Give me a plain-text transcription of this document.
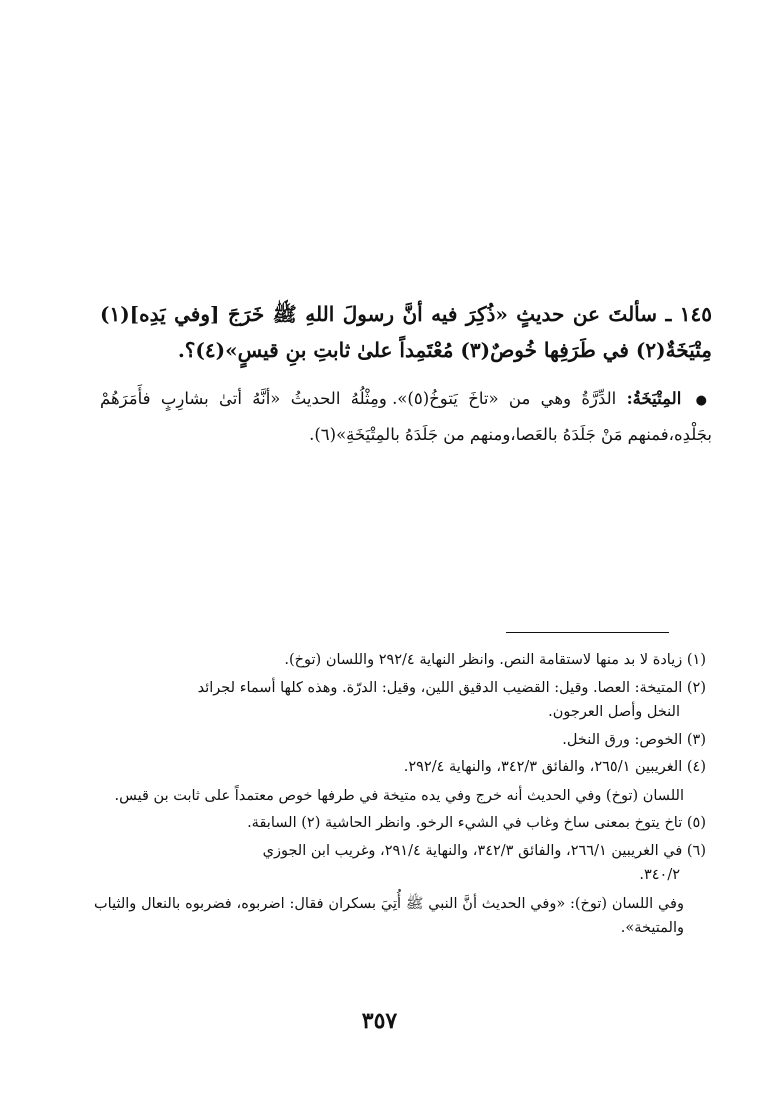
١٤٥ ـ سألتَ عن حديثٍ «ذُكِرَ فيه أنَّ رسولَ اللهِ ﷺ خَرَجَ [وفي يَدِه](١) مِتْيَخَةٌ(٢) في طَرَفِها خُوصٌ(٣) مُعْتَمِداً علىٰ ثابتِ بنِ قيسٍ»(٤)؟.
● المِتْيَخَةُ: الدِّرَّةُ وهي من «تاخَ يَتوخُ(٥)». ومِثْلُهُ الحديثُ «أنَّهُ أتىٰ بشارِبٍ فأَمَرَهُمْ بجَلْدِه،فمنهم مَنْ جَلَدَهُ بالعَصا،ومنهم من جَلَدَهُ بالمِتْيَخَةِ»(٦).
(١) زيادة لا بد منها لاستقامة النص. وانظر النهاية ٢٩٢/٤ واللسان (توخ).
(٢) المتيخة: العصا. وقيل: القضيب الدقيق اللين، وقيل: الدرّة. وهذه كلها أسماء لجرائد
النخل وأصل العرجون.
(٣) الخوص: ورق النخل.
(٤) الغريبين ٢٦٥/١، والفائق ٣٤٢/٣، والنهاية ٢٩٢/٤.
اللسان (توخ) وفي الحديث أنه خرج وفي يده متيخة في طرفها خوص معتمداً على ثابت بن قيس.
(٥) تاخ يتوخ بمعنى ساخ وغاب في الشيء الرخو. وانظر الحاشية (٢) السابقة.
(٦) في الغريبين ٢٦٦/١، والفائق ٣٤٢/٣، والنهاية ٢٩١/٤، وغريب ابن الجوزي
٣٤٠/٢.
وفي اللسان (توخ): «وفي الحديث أنَّ النبي ﷺ أُتِيَ بسكران فقال: اضربوه، فضربوه بالنعال والثياب والمتيخة».
٣٥٧
